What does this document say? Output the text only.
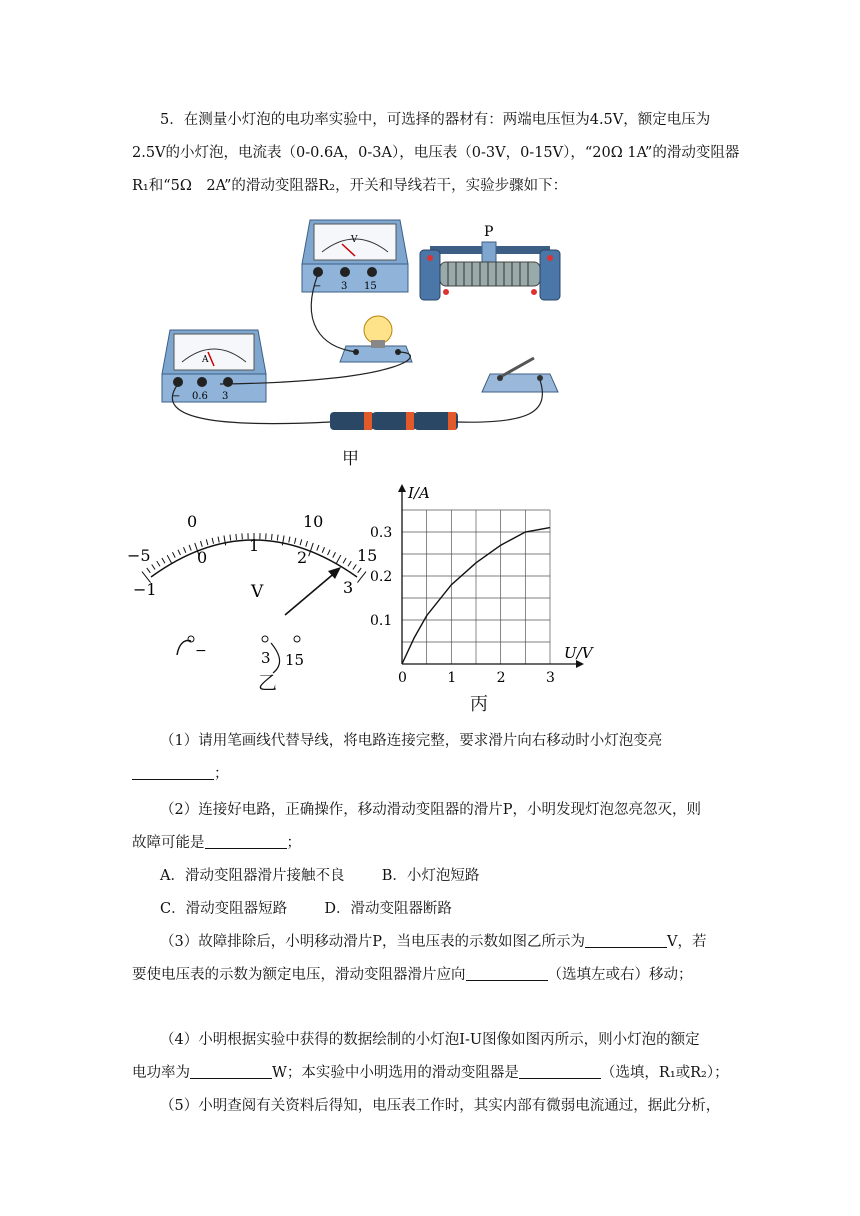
5．在测量小灯泡的电功率实验中，可选择的器材有：两端电压恒为4.5V，额定电压为

2.5V的小灯泡，电流表（0-0.6A，0-3A），电压表（0-3V，0-15V），“20Ω 1A”的滑动变阻器

R₁和“5Ω　2A”的滑动变阻器R₂，开关和导线若干，实验步骤如下：

V
− 3 15
P
A
− 0.6 3
甲
−5
0	10
15
−1
0
1
2
3
V
−	3 15
乙	0	1	2	3
0.1
0.2
0.3
I/A
U/V
丙

（1）请用笔画线代替导线，将电路连接完整，要求滑片向右移动时小灯泡变亮

；

（2）连接好电路，正确操作，移动滑动变阻器的滑片P，小明发现灯泡忽亮忽灭，则

故障可能是	；

A．滑动变阻器滑片接触不良	B．小灯泡短路

C．滑动变阻器短路	D．滑动变阻器断路

（3）故障排除后，小明移动滑片P，当电压表的示数如图乙所示为	V，若

要使电压表的示数为额定电压，滑动变阻器滑片应向	（选填左或右）移动；

（4）小明根据实验中获得的数据绘制的小灯泡I-U图像如图丙所示，则小灯泡的额定

电功率为	W；本实验中小明选用的滑动变阻器是	（选填，R₁或R₂）；

（5）小明查阅有关资料后得知，电压表工作时，其实内部有微弱电流通过，据此分析，
